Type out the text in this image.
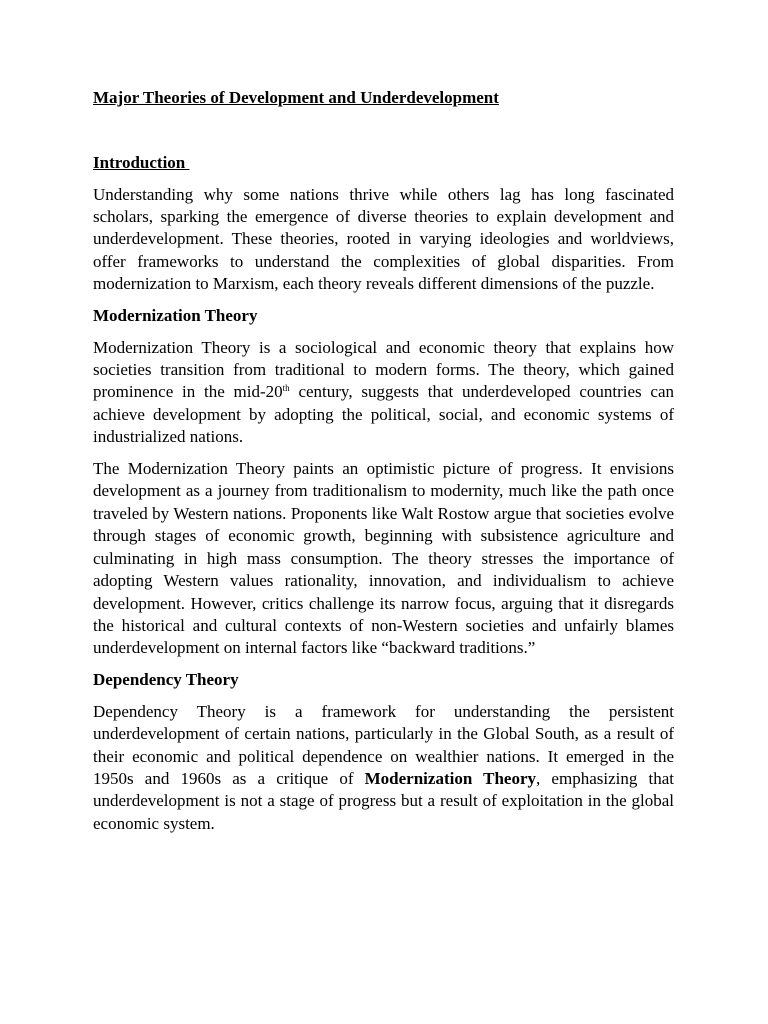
Major Theories of Development and Underdevelopment
Introduction

Understanding why some nations thrive while others lag has long fascinated scholars, sparking the emergence of diverse theories to explain development and underdevelopment. These theories, rooted in varying ideologies and worldviews, offer frameworks to understand the complexities of global disparities. From modernization to Marxism, each theory reveals different dimensions of the puzzle.

Modernization Theory

Modernization Theory is a sociological and economic theory that explains how societies transition from traditional to modern forms. The theory, which gained prominence in the mid-20th century, suggests that underdeveloped countries can achieve development by adopting the political, social, and economic systems of industrialized nations.

The Modernization Theory paints an optimistic picture of progress. It envisions development as a journey from traditionalism to modernity, much like the path once traveled by Western nations. Proponents like Walt Rostow argue that societies evolve through stages of economic growth, beginning with subsistence agriculture and culminating in high mass consumption. The theory stresses the importance of adopting Western values rationality, innovation, and individualism to achieve development. However, critics challenge its narrow focus, arguing that it disregards the historical and cultural contexts of non-Western societies and unfairly blames underdevelopment on internal factors like “backward traditions.”

Dependency Theory

Dependency Theory is a framework for understanding the persistent underdevelopment of certain nations, particularly in the Global South, as a result of their economic and political dependence on wealthier nations. It emerged in the 1950s and 1960s as a critique of Modernization Theory, emphasizing that underdevelopment is not a stage of progress but a result of exploitation in the global economic system.
